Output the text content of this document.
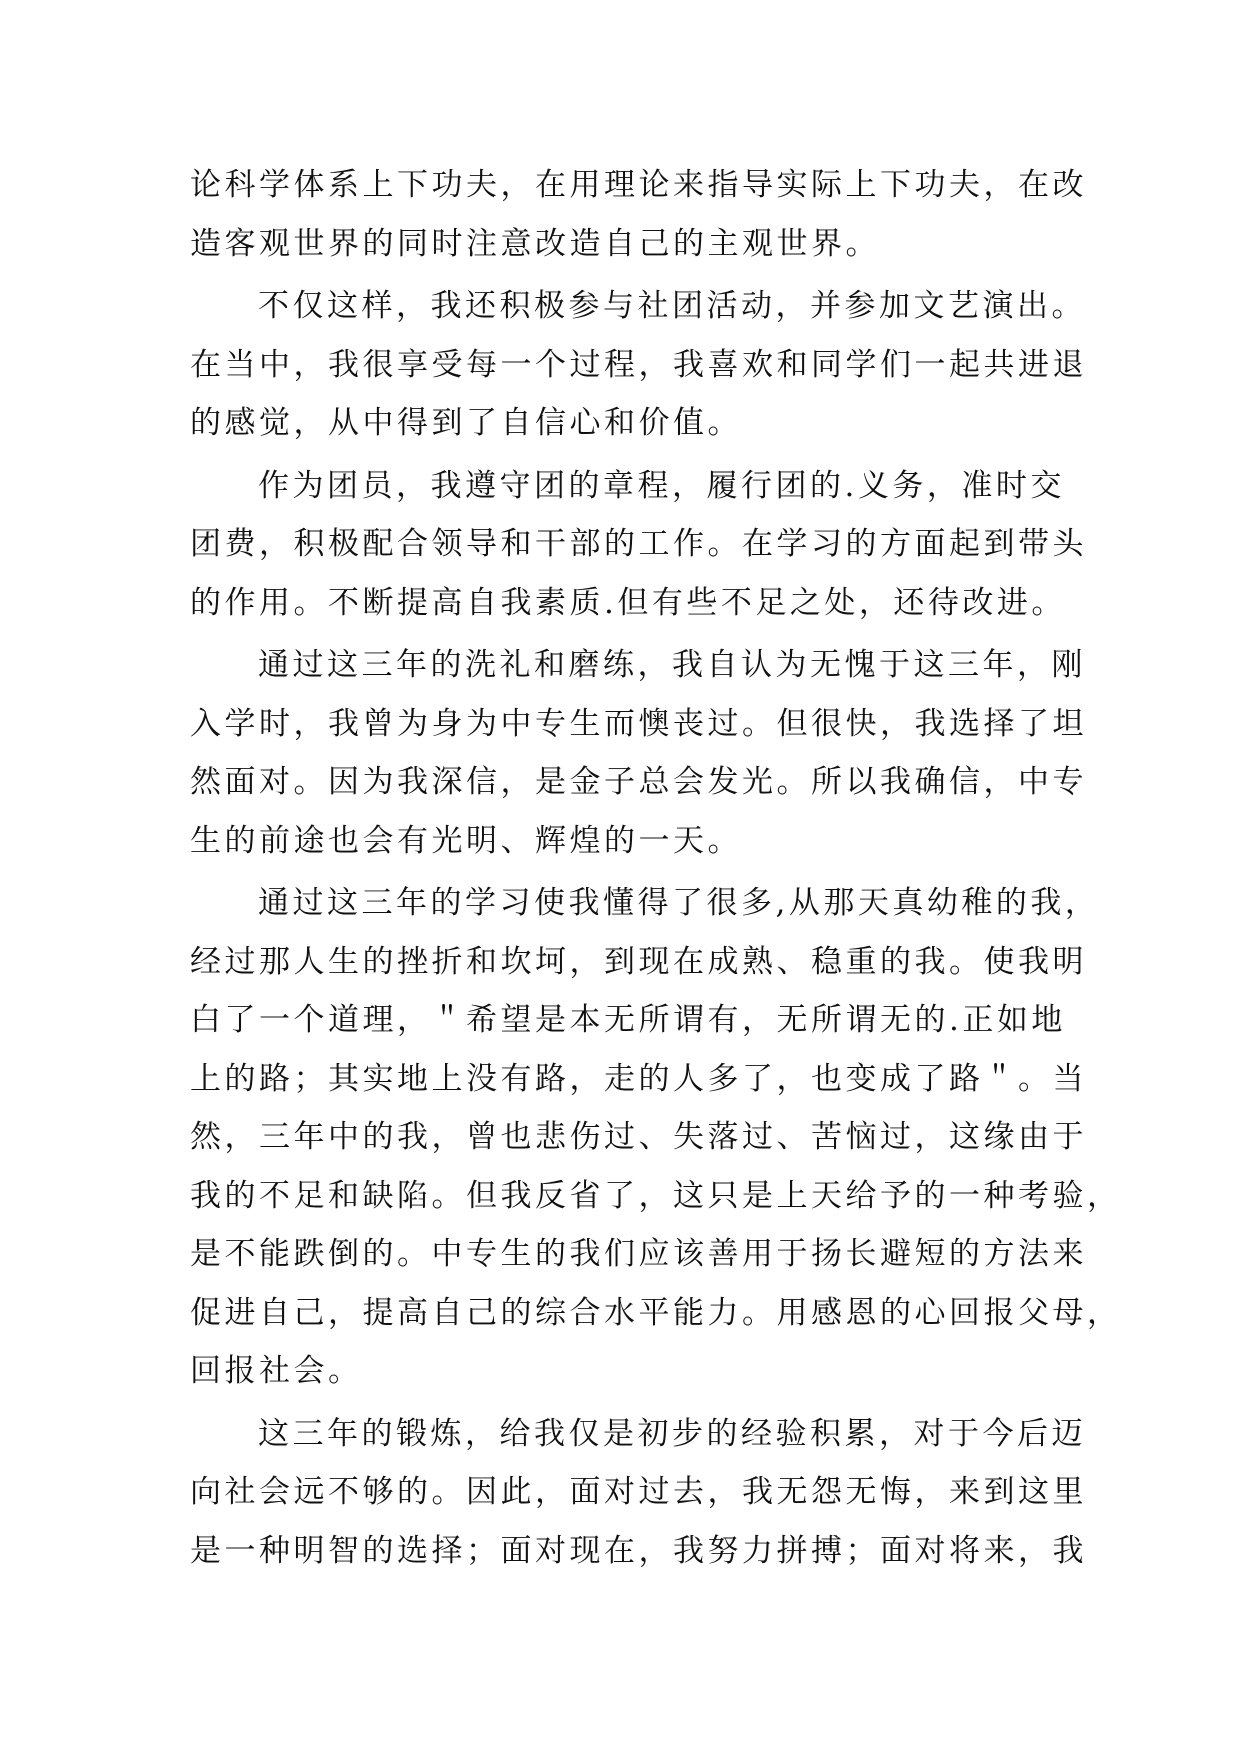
论科学体系上下功夫，在用理论来指导实际上下功夫，在改
造客观世界的同时注意改造自己的主观世界。
不仅这样，我还积极参与社团活动，并参加文艺演出。
在当中，我很享受每一个过程，我喜欢和同学们一起共进退
的感觉，从中得到了自信心和价值。
作为团员，我遵守团的章程，履行团的.义务，准时交
团费，积极配合领导和干部的工作。在学习的方面起到带头
的作用。不断提高自我素质.但有些不足之处，还待改进。
通过这三年的洗礼和磨练，我自认为无愧于这三年，刚
入学时，我曾为身为中专生而懊丧过。但很快，我选择了坦
然面对。因为我深信，是金子总会发光。所以我确信，中专
生的前途也会有光明、辉煌的一天。
通过这三年的学习使我懂得了很多,从那天真幼稚的我，
经过那人生的挫折和坎坷，到现在成熟、稳重的我。使我明
白了一个道理，＂希望是本无所谓有，无所谓无的.正如地
上的路；其实地上没有路，走的人多了，也变成了路＂。当
然，三年中的我，曾也悲伤过、失落过、苦恼过，这缘由于
我的不足和缺陷。但我反省了，这只是上天给予的一种考验，
是不能跌倒的。中专生的我们应该善用于扬长避短的方法来
促进自己，提高自己的综合水平能力。用感恩的心回报父母，
回报社会。
这三年的锻炼，给我仅是初步的经验积累，对于今后迈
向社会远不够的。因此，面对过去，我无怨无悔，来到这里
是一种明智的选择；面对现在，我努力拼搏；面对将来，我
